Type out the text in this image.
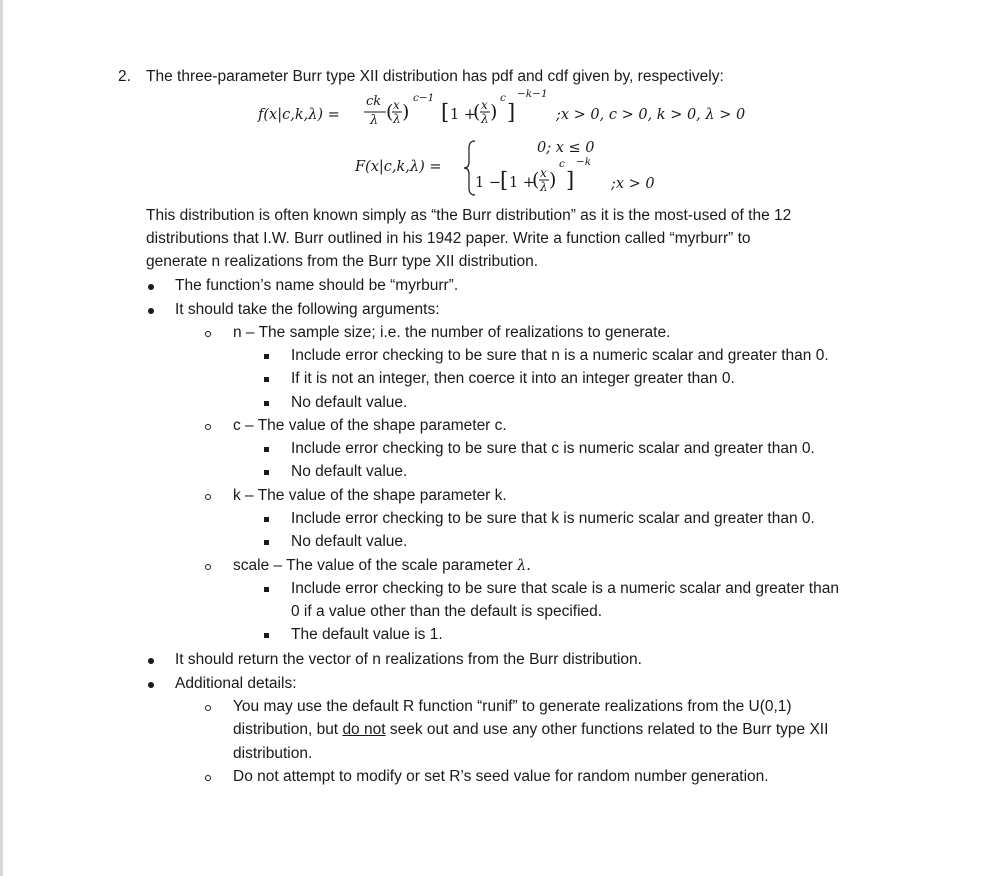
2. The three-parameter Burr type XII distribution has pdf and cdf given by, respectively:
f(x|c,k,λ) =
ck
λ ( x
λ )
c−1
[ 1 +
( x
λ )
c
]
−k−1
;x > 0, c > 0, k > 0, λ > 0
F(x|c,k,λ) =
0; x ≤ 0
1 − [ 1 +
( x
λ )
c
]
−k
;x > 0
This distribution is often known simply as “the Burr distribution” as it is the most-used of the 12
distributions that I.W. Burr outlined in his 1942 paper. Write a function called “myrburr” to
generate n realizations from the Burr type XII distribution.
The function’s name should be “myrburr”.
It should take the following arguments:
n – The sample size; i.e. the number of realizations to generate.
Include error checking to be sure that n is a numeric scalar and greater than 0.
If it is not an integer, then coerce it into an integer greater than 0.
No default value.
c – The value of the shape parameter c.
Include error checking to be sure that c is numeric scalar and greater than 0.
No default value.
k – The value of the shape parameter k.
Include error checking to be sure that k is numeric scalar and greater than 0.
No default value.
scale – The value of the scale parameter λ.
Include error checking to be sure that scale is a numeric scalar and greater than
0 if a value other than the default is specified.
The default value is 1.
It should return the vector of n realizations from the Burr distribution.
Additional details:
You may use the default R function “runif” to generate realizations from the U(0,1)
distribution, but do not seek out and use any other functions related to the Burr type XII
distribution.
Do not attempt to modify or set R’s seed value for random number generation.
